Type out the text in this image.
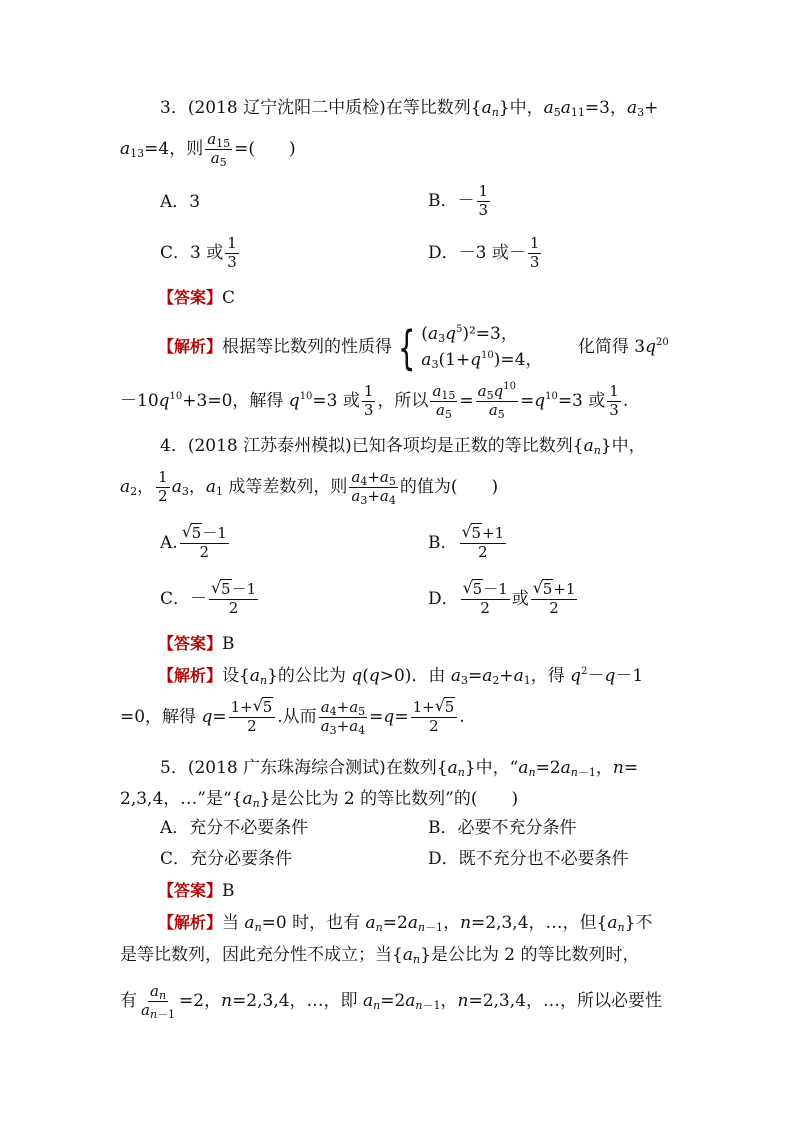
3．(2018 辽宁沈阳二中质检)在等比数列$\{a_n\}$中，$a_5a_{11}=3$，$a_3+$
$a_{13}=4$，则 $\frac{a_{15}}{a_5}$ =(　　)
A．3	B．－ $\frac{1}{3}$
C．3 或 $\frac{1}{3}$	D．－3 或－ $\frac{1}{3}$
【答案】C
【解析】根据等比数列的性质得 { $(a_3q^5)^2=3$，
$a_3(1+q^{10})=4$，
化简得 $3q^{20}$
$-10q^{10}+3=0$，解得 $q^{10}=3$ 或 $\frac{1}{3}$ ，所以 $\frac{a_{15}}{a_5} = \frac{a_5q^{10}}{a_5} =q^{10}=3$ 或 $\frac{1}{3}$ .
4．(2018 江苏泰州模拟)已知各项均是正数的等比数列$\{a_n\}$中，
$a_2$， $\frac{1}{2} a_3$，$a_1$ 成等差数列，则 $\frac{a_4+a_5}{a_3+a_4}$ 的值为(　　)
A. $\frac{√ 5-1}{2}$	B． $\frac{√ 5+1}{2}$
C．－ $\frac{√ 5-1}{2}$	D． $\frac{√ 5-1}{2}$ 或 $\frac{√ 5+1}{2}$
【答案】B
【解析】设$\{a_n\}$的公比为 q(q>0)．由 $a_3=a_2+a_1$，得 $q^2-q-1$
=0，解得 $q= \frac{1+ √ 5}{2}$ .从而 $\frac{a_4+a_5}{a_3+a_4} =q= \frac{1+ √ 5}{2}$ .
5．(2018 广东珠海综合测试)在数列$\{a_n\}$中，“$a_n=2a_{n-1}$，n=
2,3,4，…”是“$\{a_n\}$是公比为 2 的等比数列”的(　　)
A．充分不必要条件	B．必要不充分条件
C．充分必要条件	D．既不充分也不必要条件
【答案】B
【解析】当 $a_n=0$ 时，也有 $a_n=2a_{n-1}$，n=2,3,4，…，但$\{a_n\}$不
是等比数列，因此充分性不成立；当$\{a_n\}$是公比为 2 的等比数列时，
有 $\frac{a_n}{a_{n-1}} =2$，n=2,3,4，…，即 $a_n=2a_{n-1}$，n=2,3,4，…，所以必要性
